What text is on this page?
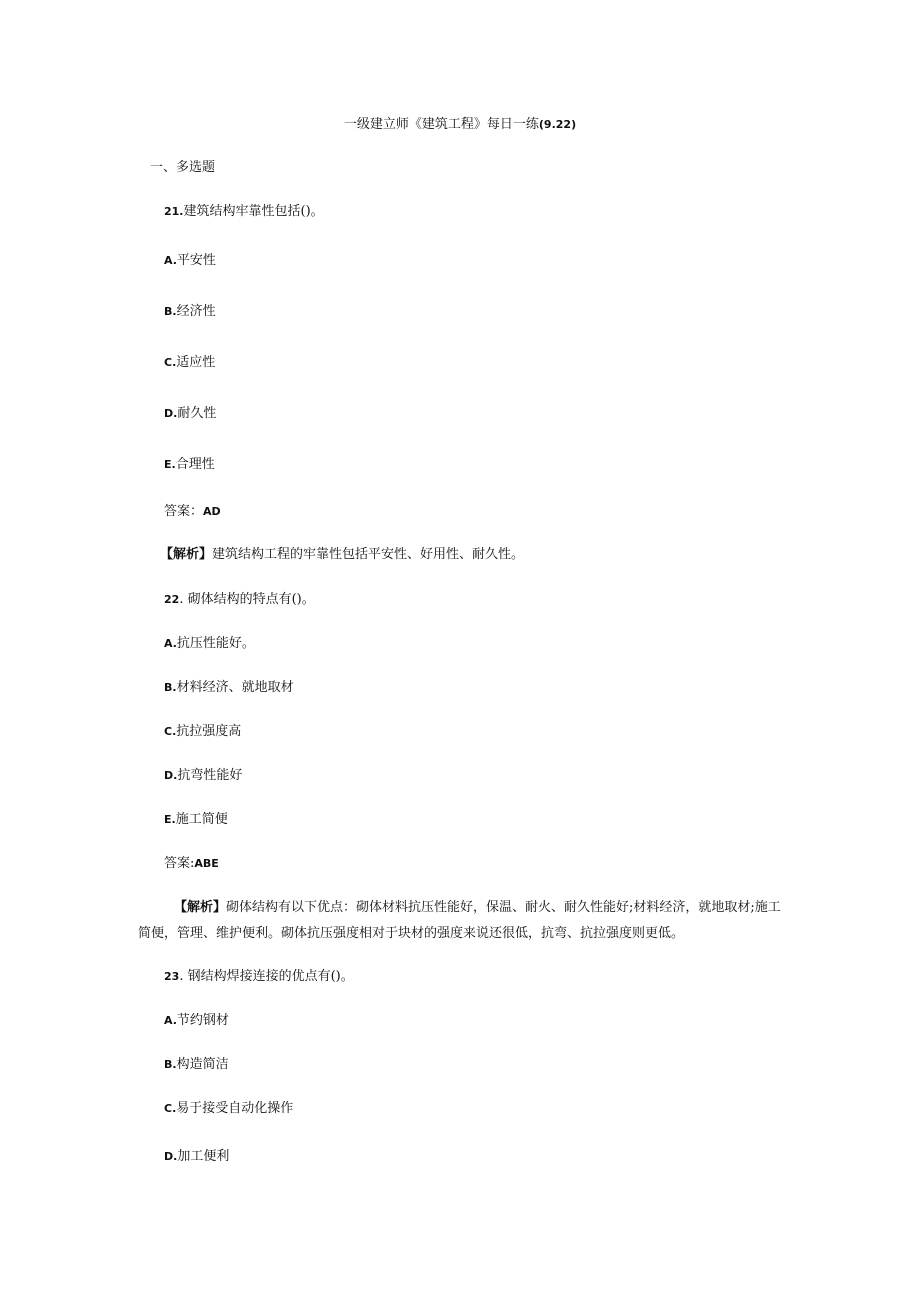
一级建立师《建筑工程》每日一练(9.22)
一、多选题
21.建筑结构牢靠性包括()。
A.平安性
B.经济性
C.适应性
D.耐久性
E.合理性
答案：AD
【解析】建筑结构工程的牢靠性包括平安性、好用性、耐久性。
22. 砌体结构的特点有()。
A.抗压性能好。
B.材料经济、就地取材
C.抗拉强度高
D.抗弯性能好
E.施工简便
答案:ABE
【解析】砌体结构有以下优点：砌体材料抗压性能好，保温、耐火、耐久性能好;材料经济，就地取材;施工简便，管理、维护便利。砌体抗压强度相对于块材的强度来说还很低，抗弯、抗拉强度则更低。
23. 钢结构焊接连接的优点有()。
A.节约钢材
B.构造简洁
C.易于接受自动化操作
D.加工便利
